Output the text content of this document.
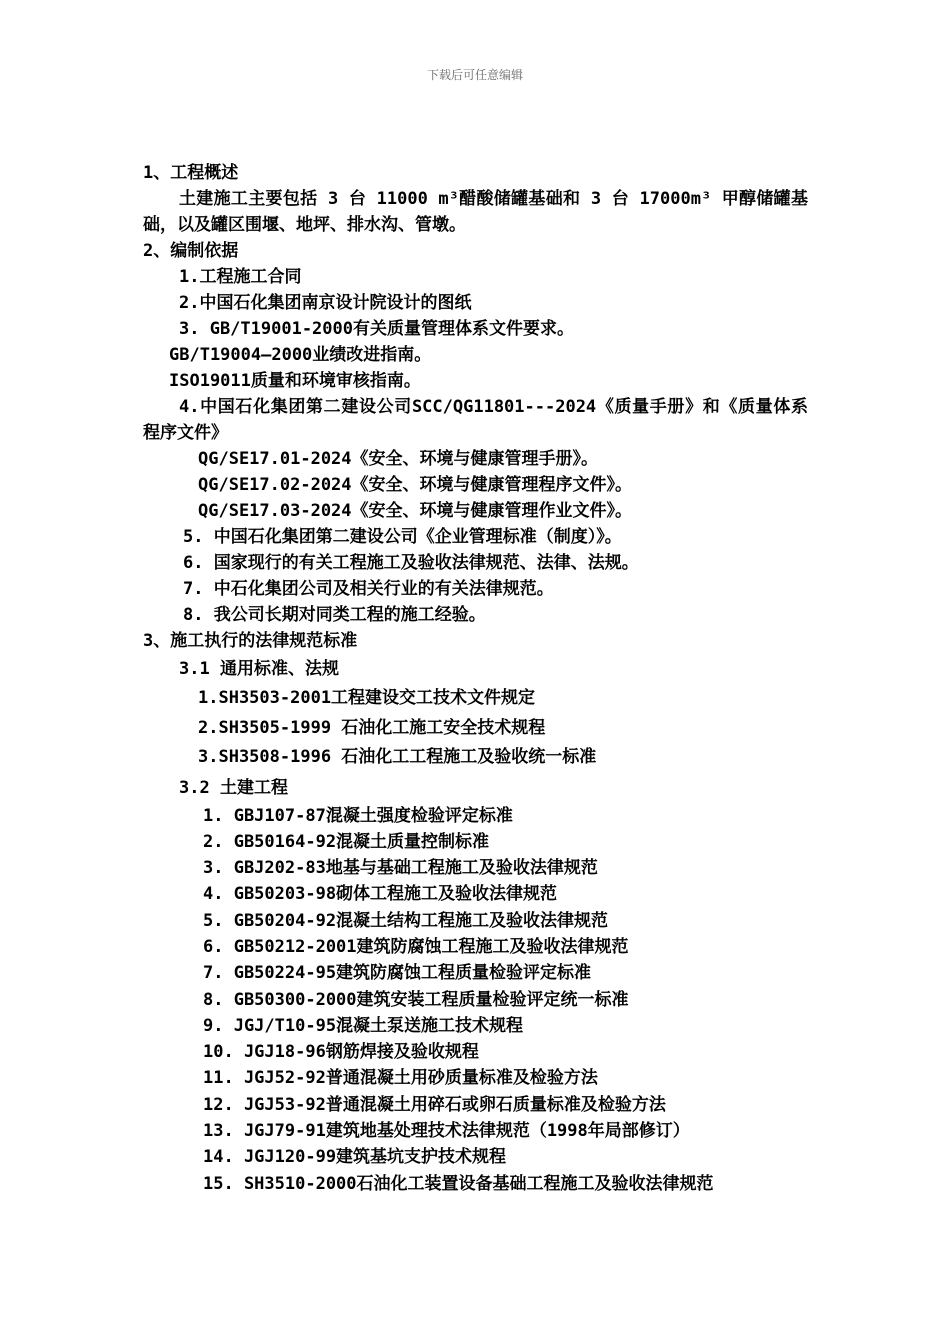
下载后可任意编辑
1、工程概述
土建施工主要包括 3 台 11000 m³醋酸储罐基础和 3 台 17000m³ 甲醇储罐基础，以及罐区围堰、地坪、排水沟、管墩。
2、编制依据
1.工程施工合同
2.中国石化集团南京设计院设计的图纸
3. GB/T19001-2000有关质量管理体系文件要求。
GB/T19004—2000业绩改进指南。
ISO19011质量和环境审核指南。
4.中国石化集团第二建设公司SCC/QG11801---2024《质量手册》和《质量体系程序文件》
QG/SE17.01-2024《安全、环境与健康管理手册》。
QG/SE17.02-2024《安全、环境与健康管理程序文件》。
QG/SE17.03-2024《安全、环境与健康管理作业文件》。
5. 中国石化集团第二建设公司《企业管理标准（制度）》。
6. 国家现行的有关工程施工及验收法律规范、法律、法规。
7. 中石化集团公司及相关行业的有关法律规范。
8. 我公司长期对同类工程的施工经验。
3、施工执行的法律规范标准
3.1 通用标准、法规
1.SH3503-2001工程建设交工技术文件规定
2.SH3505-1999 石油化工施工安全技术规程
3.SH3508-1996 石油化工工程施工及验收统一标准
3.2 土建工程
1. GBJ107-87混凝土强度检验评定标准
2. GB50164-92混凝土质量控制标准
3. GBJ202-83地基与基础工程施工及验收法律规范
4. GB50203-98砌体工程施工及验收法律规范
5. GB50204-92混凝土结构工程施工及验收法律规范
6. GB50212-2001建筑防腐蚀工程施工及验收法律规范
7. GB50224-95建筑防腐蚀工程质量检验评定标准
8. GB50300-2000建筑安装工程质量检验评定统一标准
9. JGJ/T10-95混凝土泵送施工技术规程
10. JGJ18-96钢筋焊接及验收规程
11. JGJ52-92普通混凝土用砂质量标准及检验方法
12. JGJ53-92普通混凝土用碎石或卵石质量标准及检验方法
13. JGJ79-91建筑地基处理技术法律规范（1998年局部修订）
14. JGJ120-99建筑基坑支护技术规程
15. SH3510-2000石油化工装置设备基础工程施工及验收法律规范
